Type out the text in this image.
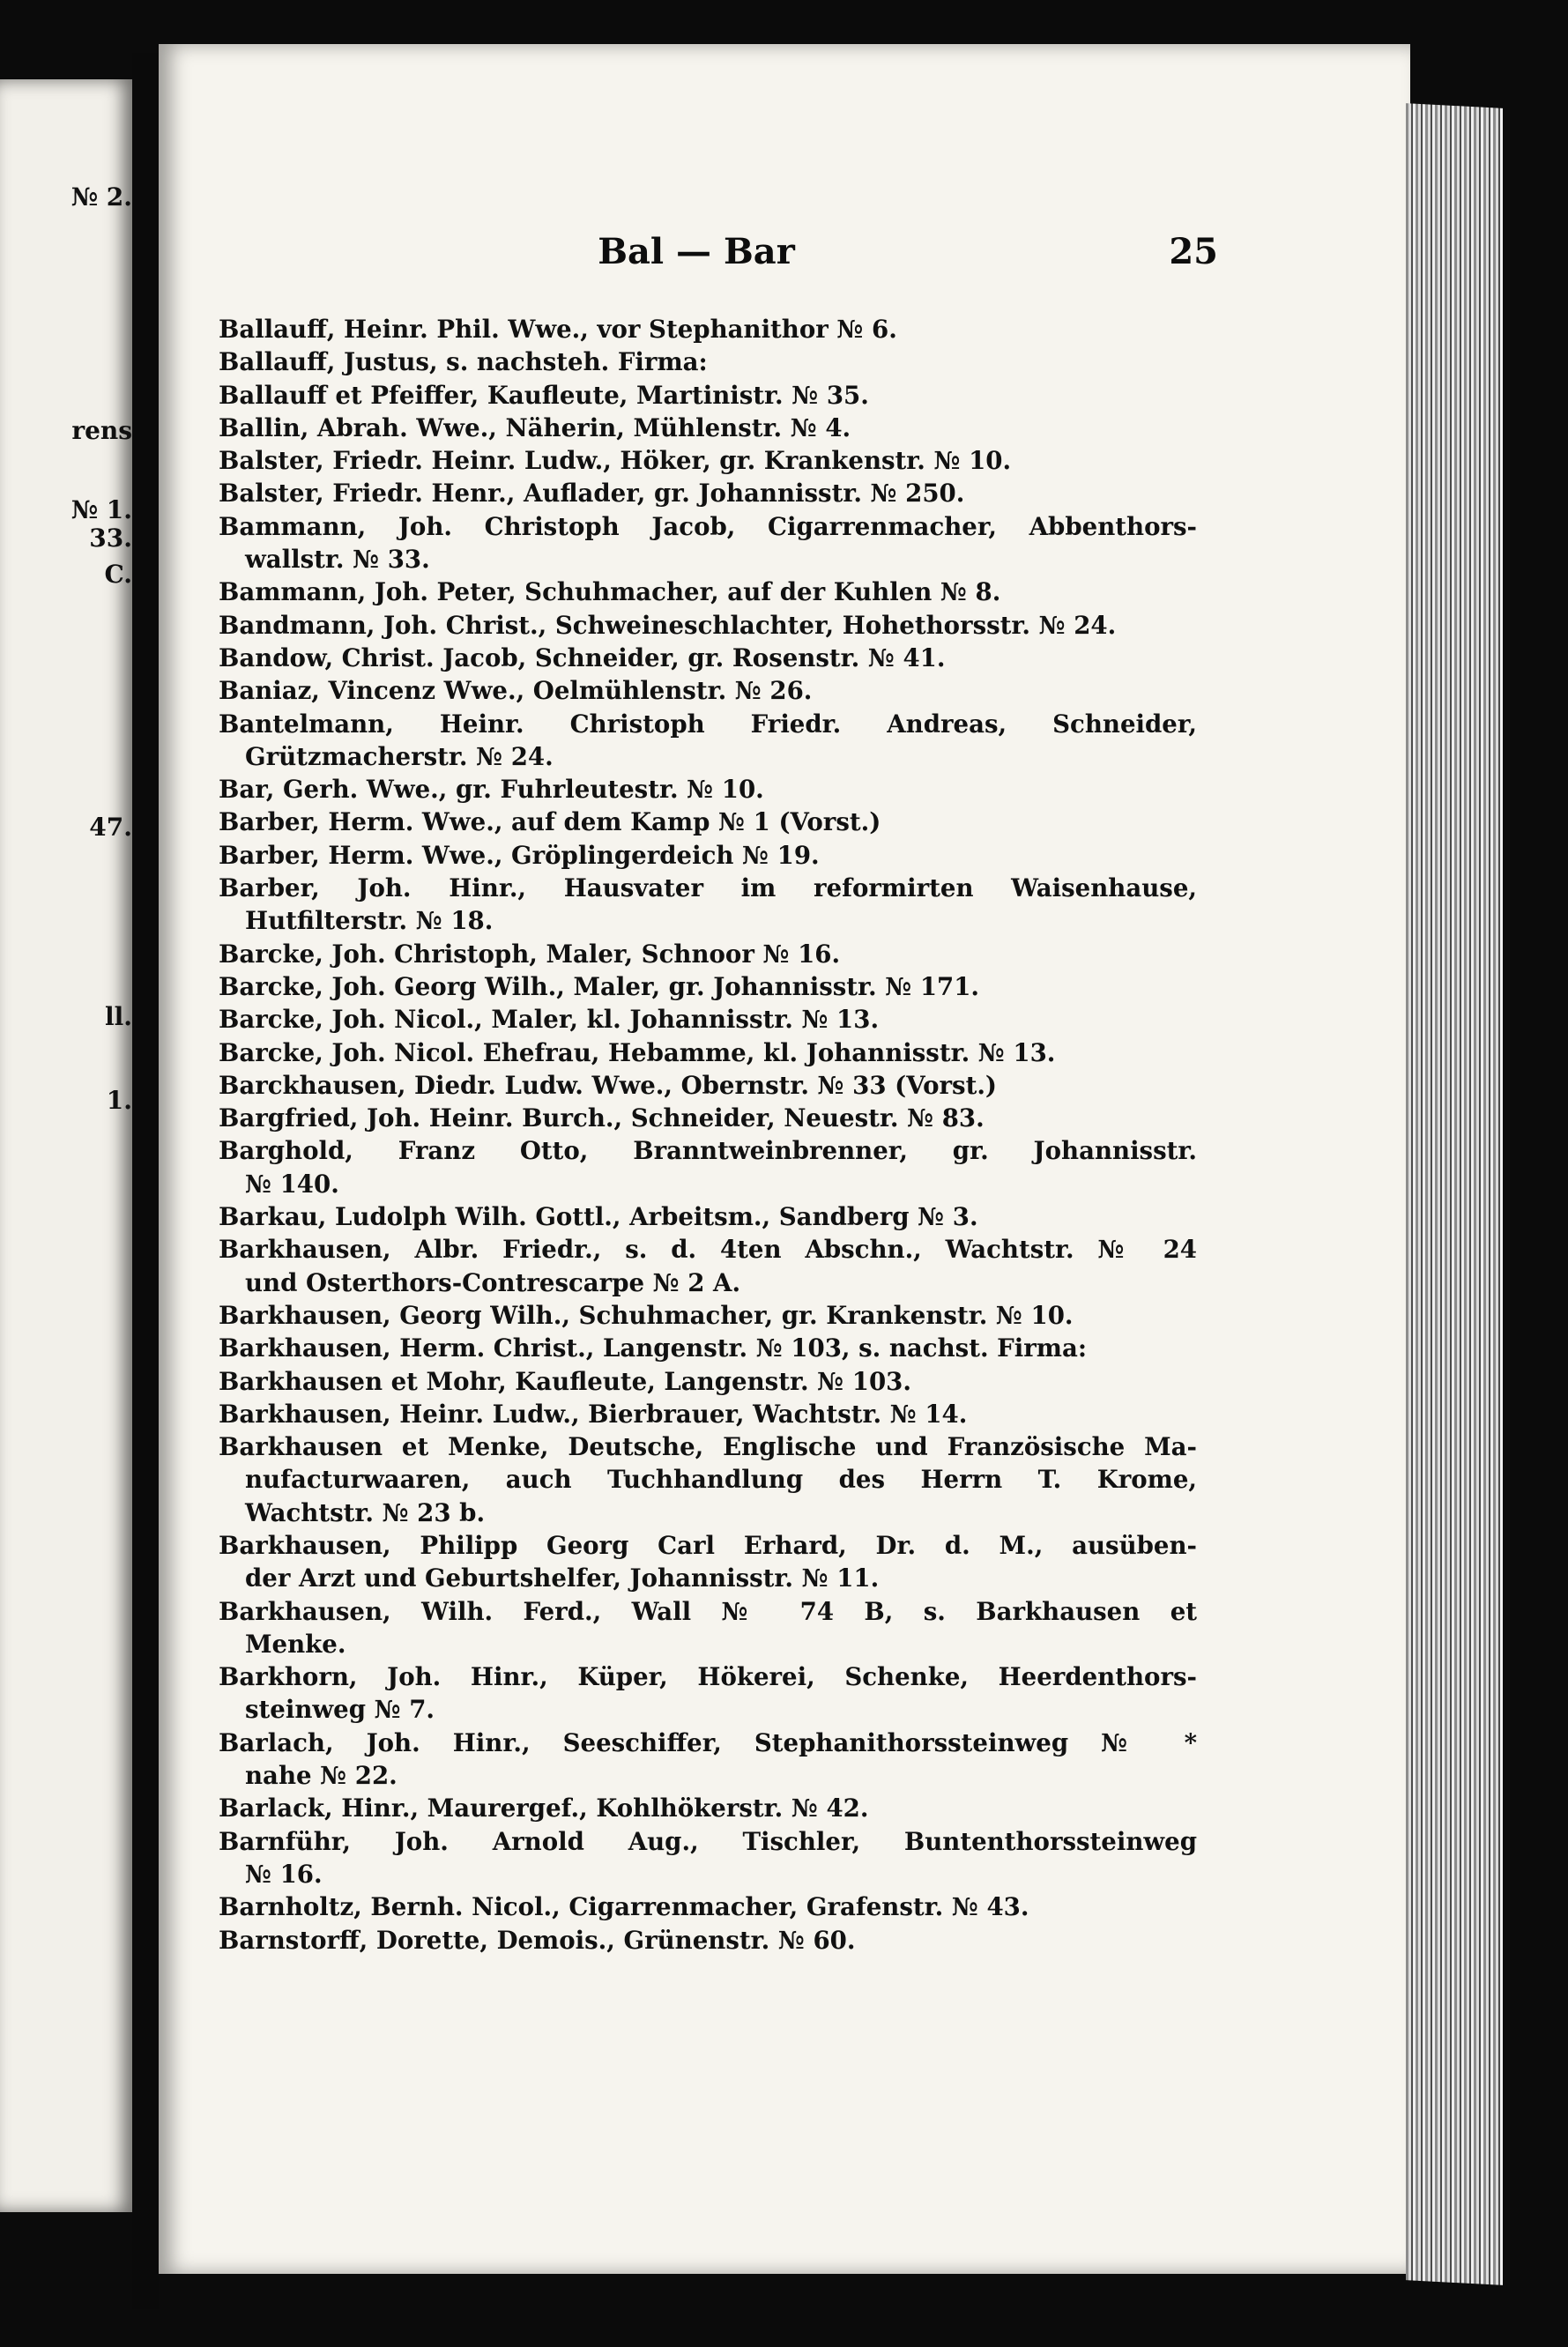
№ 2.
rens
№ 1.
33.
C.
47.
ll.
1.
Bal — Bar	25
Ballauff, Heinr. Phil. Wwe., vor Stephanithor № 6.
Ballauff, Justus, s. nachsteh. Firma:
Ballauff et Pfeiffer, Kaufleute, Martinistr. № 35.
Ballin, Abrah. Wwe., Näherin, Mühlenstr. № 4.
Balster, Friedr. Heinr. Ludw., Höker, gr. Krankenstr. № 10.
Balster, Friedr. Henr., Auflader, gr. Johannisstr. № 250.
Bammann, Joh. Christoph Jacob, Cigarrenmacher, Abbenthors-
wallstr. № 33.
Bammann, Joh. Peter, Schuhmacher, auf der Kuhlen № 8.
Bandmann, Joh. Christ., Schweineschlachter, Hohethorsstr. № 24.
Bandow, Christ. Jacob, Schneider, gr. Rosenstr. № 41.
Baniaz, Vincenz Wwe., Oelmühlenstr. № 26.
Bantelmann, Heinr. Christoph Friedr. Andreas, Schneider,
Grützmacherstr. № 24.
Bar, Gerh. Wwe., gr. Fuhrleutestr. № 10.
Barber, Herm. Wwe., auf dem Kamp № 1 (Vorst.)
Barber, Herm. Wwe., Gröplingerdeich № 19.
Barber, Joh. Hinr., Hausvater im reformirten Waisenhause,
Hutfilterstr. № 18.
Barcke, Joh. Christoph, Maler, Schnoor № 16.
Barcke, Joh. Georg Wilh., Maler, gr. Johannisstr. № 171.
Barcke, Joh. Nicol., Maler, kl. Johannisstr. № 13.
Barcke, Joh. Nicol. Ehefrau, Hebamme, kl. Johannisstr. № 13.
Barckhausen, Diedr. Ludw. Wwe., Obernstr. № 33 (Vorst.)
Bargfried, Joh. Heinr. Burch., Schneider, Neuestr. № 83.
Barghold, Franz Otto, Branntweinbrenner, gr. Johannisstr.
№ 140.
Barkau, Ludolph Wilh. Gottl., Arbeitsm., Sandberg № 3.
Barkhausen, Albr. Friedr., s. d. 4ten Abschn., Wachtstr. № 24
und Osterthors-Contrescarpe № 2 A.
Barkhausen, Georg Wilh., Schuhmacher, gr. Krankenstr. № 10.
Barkhausen, Herm. Christ., Langenstr. № 103, s. nachst. Firma:
Barkhausen et Mohr, Kaufleute, Langenstr. № 103.
Barkhausen, Heinr. Ludw., Bierbrauer, Wachtstr. № 14.
Barkhausen et Menke, Deutsche, Englische und Französische Ma-
nufacturwaaren, auch Tuchhandlung des Herrn T. Krome,
Wachtstr. № 23 b.
Barkhausen, Philipp Georg Carl Erhard, Dr. d. M., ausüben-
der Arzt und Geburtshelfer, Johannisstr. № 11.
Barkhausen, Wilh. Ferd., Wall № 74 B, s. Barkhausen et
Menke.
Barkhorn, Joh. Hinr., Küper, Hökerei, Schenke, Heerdenthors-
steinweg № 7.
Barlach, Joh. Hinr., Seeschiffer, Stephanithorssteinweg № *
nahe № 22.
Barlack, Hinr., Maurergef., Kohlhökerstr. № 42.
Barnführ, Joh. Arnold Aug., Tischler, Buntenthorssteinweg
№ 16.
Barnholtz, Bernh. Nicol., Cigarrenmacher, Grafenstr. № 43.
Barnstorff, Dorette, Demois., Grünenstr. № 60.
